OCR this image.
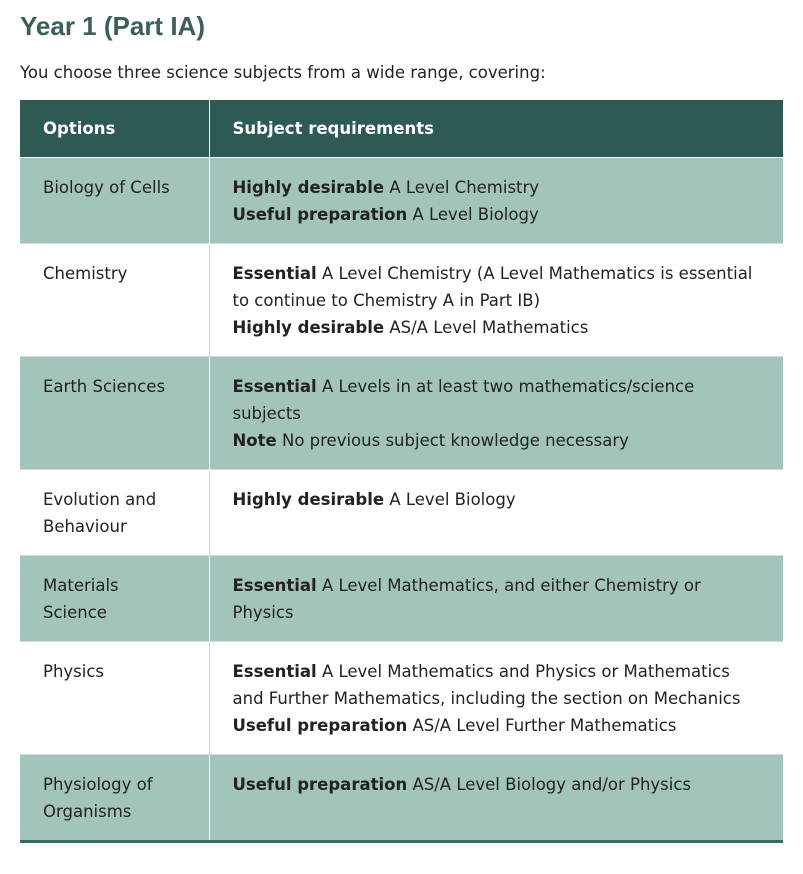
Year 1 (Part IA)

You choose three science subjects from a wide range, covering:

Options	Subject requirements
Biology of Cells	Highly desirable A Level Chemistry
Useful preparation A Level Biology

Chemistry	Essential A Level Chemistry (A Level Mathematics is essential to continue to Chemistry A in Part IB)
Highly desirable AS/A Level Mathematics

Earth Sciences	Essential A Levels in at least two mathematics/science subjects
Note No previous subject knowledge necessary

Evolution and Behaviour	Highly desirable A Level Biology

Materials Science	Essential A Level Mathematics, and either Chemistry or Physics

Physics	Essential A Level Mathematics and Physics or Mathematics and Further Mathematics, including the section on Mechanics
Useful preparation AS/A Level Further Mathematics

Physiology of Organisms	Useful preparation AS/A Level Biology and/or Physics
